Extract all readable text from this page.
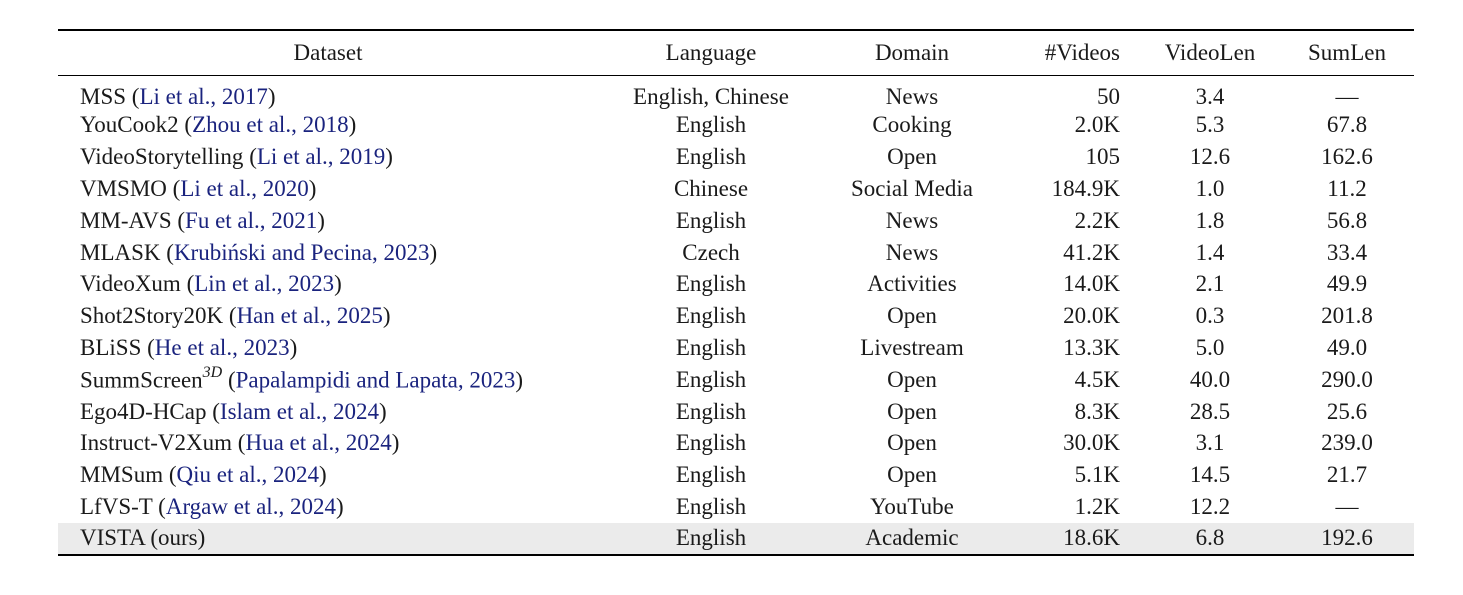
Dataset	Language	Domain	#Videos	VideoLen	SumLen
MSS (Li et al., 2017)	English, Chinese	News	50	3.4	—
YouCook2 (Zhou et al., 2018)	English	Cooking	2.0K	5.3	67.8
VideoStorytelling (Li et al., 2019)	English	Open	105	12.6	162.6
VMSMO (Li et al., 2020)	Chinese	Social Media	184.9K	1.0	11.2
MM-AVS (Fu et al., 2021)	English	News	2.2K	1.8	56.8
MLASK (Krubiński and Pecina, 2023)	Czech	News	41.2K	1.4	33.4
VideoXum (Lin et al., 2023)	English	Activities	14.0K	2.1	49.9
Shot2Story20K (Han et al., 2025)	English	Open	20.0K	0.3	201.8
BLiSS (He et al., 2023)	English	Livestream	13.3K	5.0	49.0
SummScreen$^{3D}$ (Papalampidi and Lapata, 2023)	English	Open	4.5K	40.0	290.0
Ego4D-HCap (Islam et al., 2024)	English	Open	8.3K	28.5	25.6
Instruct-V2Xum (Hua et al., 2024)	English	Open	30.0K	3.1	239.0
MMSum (Qiu et al., 2024)	English	Open	5.1K	14.5	21.7
LfVS-T (Argaw et al., 2024)	English	YouTube	1.2K	12.2	—
VISTA (ours)	English	Academic	18.6K	6.8	192.6
